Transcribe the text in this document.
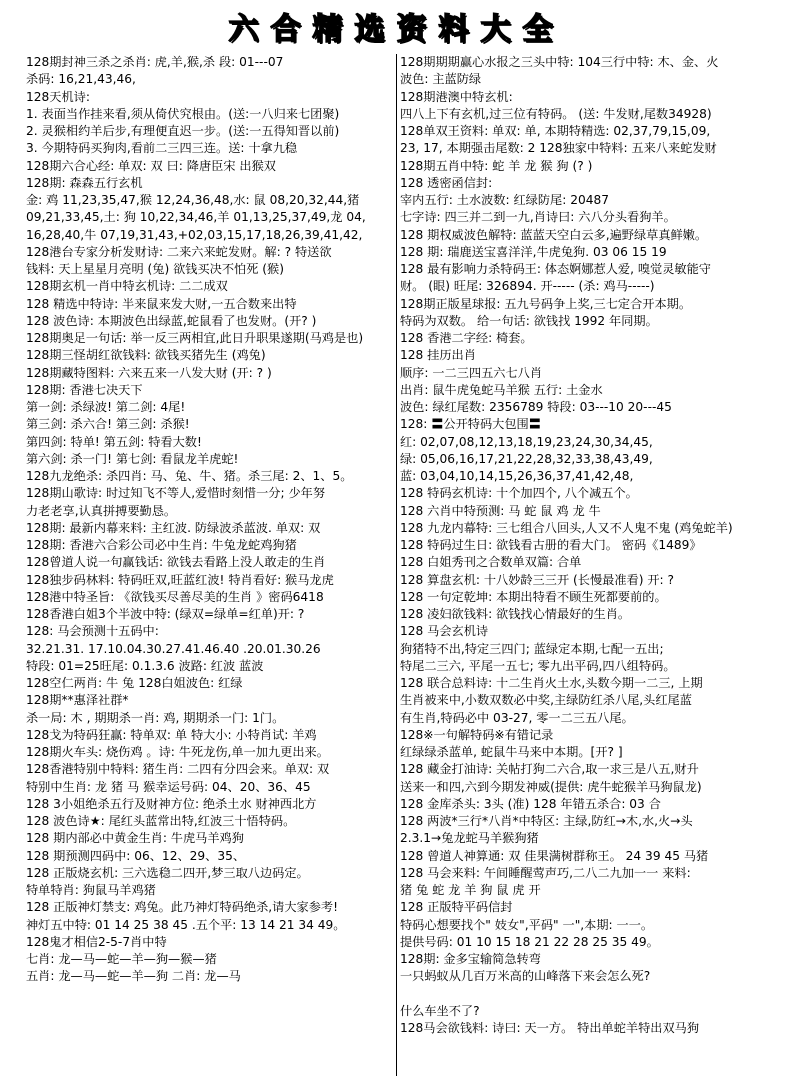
六合精选资料大全
128期封神三杀之杀肖: 虎,羊,猴,杀 段: 01---07
杀码: 16,21,43,46,
128天机诗:
1. 表面当作挂来看,须从倚伏究根由。(送:一八归来七团聚)
2. 灵猴相约羊后步,有理便直迟一步。(送:一五得知晋以前)
3. 今期特码买狗肉,看前二三四三连。送: 十拿九稳
128期六合心经: 单双: 双 曰: 降唐臣宋 出猴双
128期: 森森五行玄机
金: 鸡 11,23,35,47,猴 12,24,36,48,水: 鼠 08,20,32,44,猪
09,21,33,45,土: 狗 10,22,34,46,羊 01,13,25,37,49,龙 04,
16,28,40,牛 07,19,31,43,+02,03,15,17,18,26,39,41,42,
128港台专家分析发财诗: 二来六来蛇发财。解: ? 特送欲
钱料: 天上星星月亮明 (兔) 欲钱买决不怕死 (猴)
128期玄机一肖中特玄机诗: 二二成双
128 精选中特诗: 半来鼠来发大财,一五合数来出特
128 波色诗: 本期波色出绿蓝,蛇鼠看了也发财。(开? )
128期奥足一句话: 举一反三两相宜,此日升职果遂期(马鸡是也)
128期三怪胡红欲钱料: 欲钱买猪先生 (鸡兔)
128期藏特图料: 六来五来一八发大财 (开: ? )
128期: 香港七决天下
第一剑: 杀绿波! 第二剑: 4尾!
第三剑: 杀六合! 第三剑: 杀猴!
第四剑: 特单! 第五剑: 特看大数!
第六剑: 杀一门! 第七剑: 看鼠龙羊虎蛇!
128九龙绝杀: 杀四肖: 马、兔、牛、猪。杀三尾: 2、1、5。
128期山歌诗: 时过知飞不等人,爱惜时刻惜一分; 少年努
力老老享,认真拼搏要勤恳。
128期: 最新内幕来料: 主红波. 防绿波杀蓝波. 单双: 双
128期: 香港六合彩公司必中生肖: 牛兔龙蛇鸡狗猪
128曾道人说一句赢钱话: 欲钱去看路上没人敢走的生肖
128独步码林料: 特码旺双,旺蓝红波! 特肖看好: 猴马龙虎
128港中特圣旨: 《欲钱买尽善尽美的生肖 》密码6418
128香港白姐3个半波中特: (绿双=绿单=红单)开: ?
128: 马会预测十五码中:
32.21.31. 17.10.04.30.27.41.46.40 .20.01.30.26
特段: 01=25旺尾: 0.1.3.6 波路: 红波 蓝波
128空仁两肖: 牛 兔 128白姐波色: 红绿
128期**惠泽社群*
杀一局: 木 , 期期杀一肖: 鸡, 期期杀一门: 1门。
128戈为特码狂赢: 特单双: 单 特大小: 小特肖试: 羊鸡
128期火车头: 烧伤鸡 。诗: 牛死龙伤,单一加九更出来。
128香港特别中特料: 猪生肖: 二四有分四会来。单双: 双
特别中生肖: 龙 猪 马 猴幸运号码: 04、20、36、45
128 3小姐绝杀五行及财神方位: 绝杀土水 财神西北方
128 波色诗★: 尾红头蓝常出特,红波三十悟特码。
128 期内部必中黄金生肖: 牛虎马羊鸡狗
128 期预测四码中: 06、12、29、35、
128 正版烧玄机: 三六选稳二四开,梦三取八边码定。
特单特肖: 狗鼠马羊鸡猪
128 正版神灯禁支: 鸡兔。此乃神灯特码绝杀,请大家参考!
神灯五中特: 01 14 25 38 45 .五个平: 13 14 21 34 49。
128鬼才相信2-5-7肖中特
七肖: 龙—马—蛇—羊—狗—猴—猪
五肖: 龙—马—蛇—羊—狗 二肖: 龙—马
128期期期赢心水报之三头中特: 104三行中特: 木、金、火
波色: 主蓝防绿
128期港澳中特玄机:
四八上下有玄机,过三位有特码。 (送: 牛发财,尾数34928)
128单双王资料: 单双: 单, 本期特精选: 02,37,79,15,09,
23, 17, 本期强击尾数: 2 128独家中特料: 五来八来蛇发财
128期五肖中特: 蛇 羊 龙 猴 狗 (? )
128 透密函信封:
宰内五行: 土水波数: 红绿防尾: 20487
七字诗: 四三并二到一九,肖诗曰: 六八分头看狗羊。
128 期权威波色解特: 蓝蓝天空白云多,遍野绿草真鲜嫩。
128 期: 瑞鹿送宝喜洋洋,牛虎兔狗. 03 06 15 19
128 最有影响力杀特码王: 体态婀娜惹人爱, 嗅觉灵敏能守
财。 (眼) 旺尾: 326894. 开----- (杀: 鸡马-----)
128期正版星球报: 五九号码争上奖,三七定合开本期。
特码为双数。 给一句话: 欲钱找 1992 年同期。
128 香港二字经: 椅套。
128 挂历出肖
顺序: 一二三四五六七八肖
出肖: 鼠牛虎兔蛇马羊猴 五行: 土金水
波色: 绿红尾数: 2356789 特段: 03---10 20---45
128: 〓公开特码大包围〓
红: 02,07,08,12,13,18,19,23,24,30,34,45,
绿: 05,06,16,17,21,22,28,32,33,38,43,49,
蓝: 03,04,10,14,15,26,36,37,41,42,48,
128 特码玄机诗: 十个加四个, 八个减五个。
128 六肖中特预测: 马 蛇 鼠 鸡 龙 牛
128 九龙内幕特: 三七组合八回头,人又不人鬼不鬼 (鸡兔蛇羊)
128 特码过生日: 欲钱看古册的看大门。 密码《1489》
128 白姐秀刊之合数单双篇: 合单
128 算盘玄机: 十八妙龄三三开 (长慢最准看) 开: ?
128 一句定乾坤: 本期出特看不顾生死都要前的。
128 凌妇欲钱料: 欲钱找心情最好的生肖。
128 马会玄机诗
狗猪特不出,特定三四门; 蓝绿定本期,七配一五出;
特尾二三六, 平尾一五七; 零九出平码,四八组特码。
128 联合总料诗: 十二生肖火土水,头数今期一二三, 上期
生肖被来中,小数双数必中奖,主绿防红杀八尾,头红尾蓝
有生肖,特码必中 03-27, 零一二三五八尾。
128※一句解特码※有错记录
红绿绿杀蓝单, 蛇鼠牛马来中本期。[开? ]
128 藏金打油诗: 关帖打狗二六合,取一求三是八五,财升
送来一和四,六到今期发神威(提供: 虎牛蛇猴羊马狗鼠龙)
128 金库杀头: 3头 (准) 128 年错五杀合: 03 合
128 两波*三行*八肖*中特区: 主绿,防红→木,水,火→头
2.3.1→兔龙蛇马羊猴狗猪
128 曾道人神算通: 双 佳果满树群称王。 24 39 45 马猪
128 马会来料: 午间睡醒莺声巧,二八二九加一一 来料:
猪 兔 蛇 龙 羊 狗 鼠 虎 开
128 正版特平码信封
特码心想要找个" 妓女",平码" 一",本期: 一一。
提供号码: 01 10 15 18 21 22 28 25 35 49。
128期: 金多宝输简急转弯
一只蚂蚁从几百万米高的山峰落下来会怎么死?
什么车坐不了?
128马会欲钱料: 诗曰: 天一方。 特出单蛇羊特出双马狗
